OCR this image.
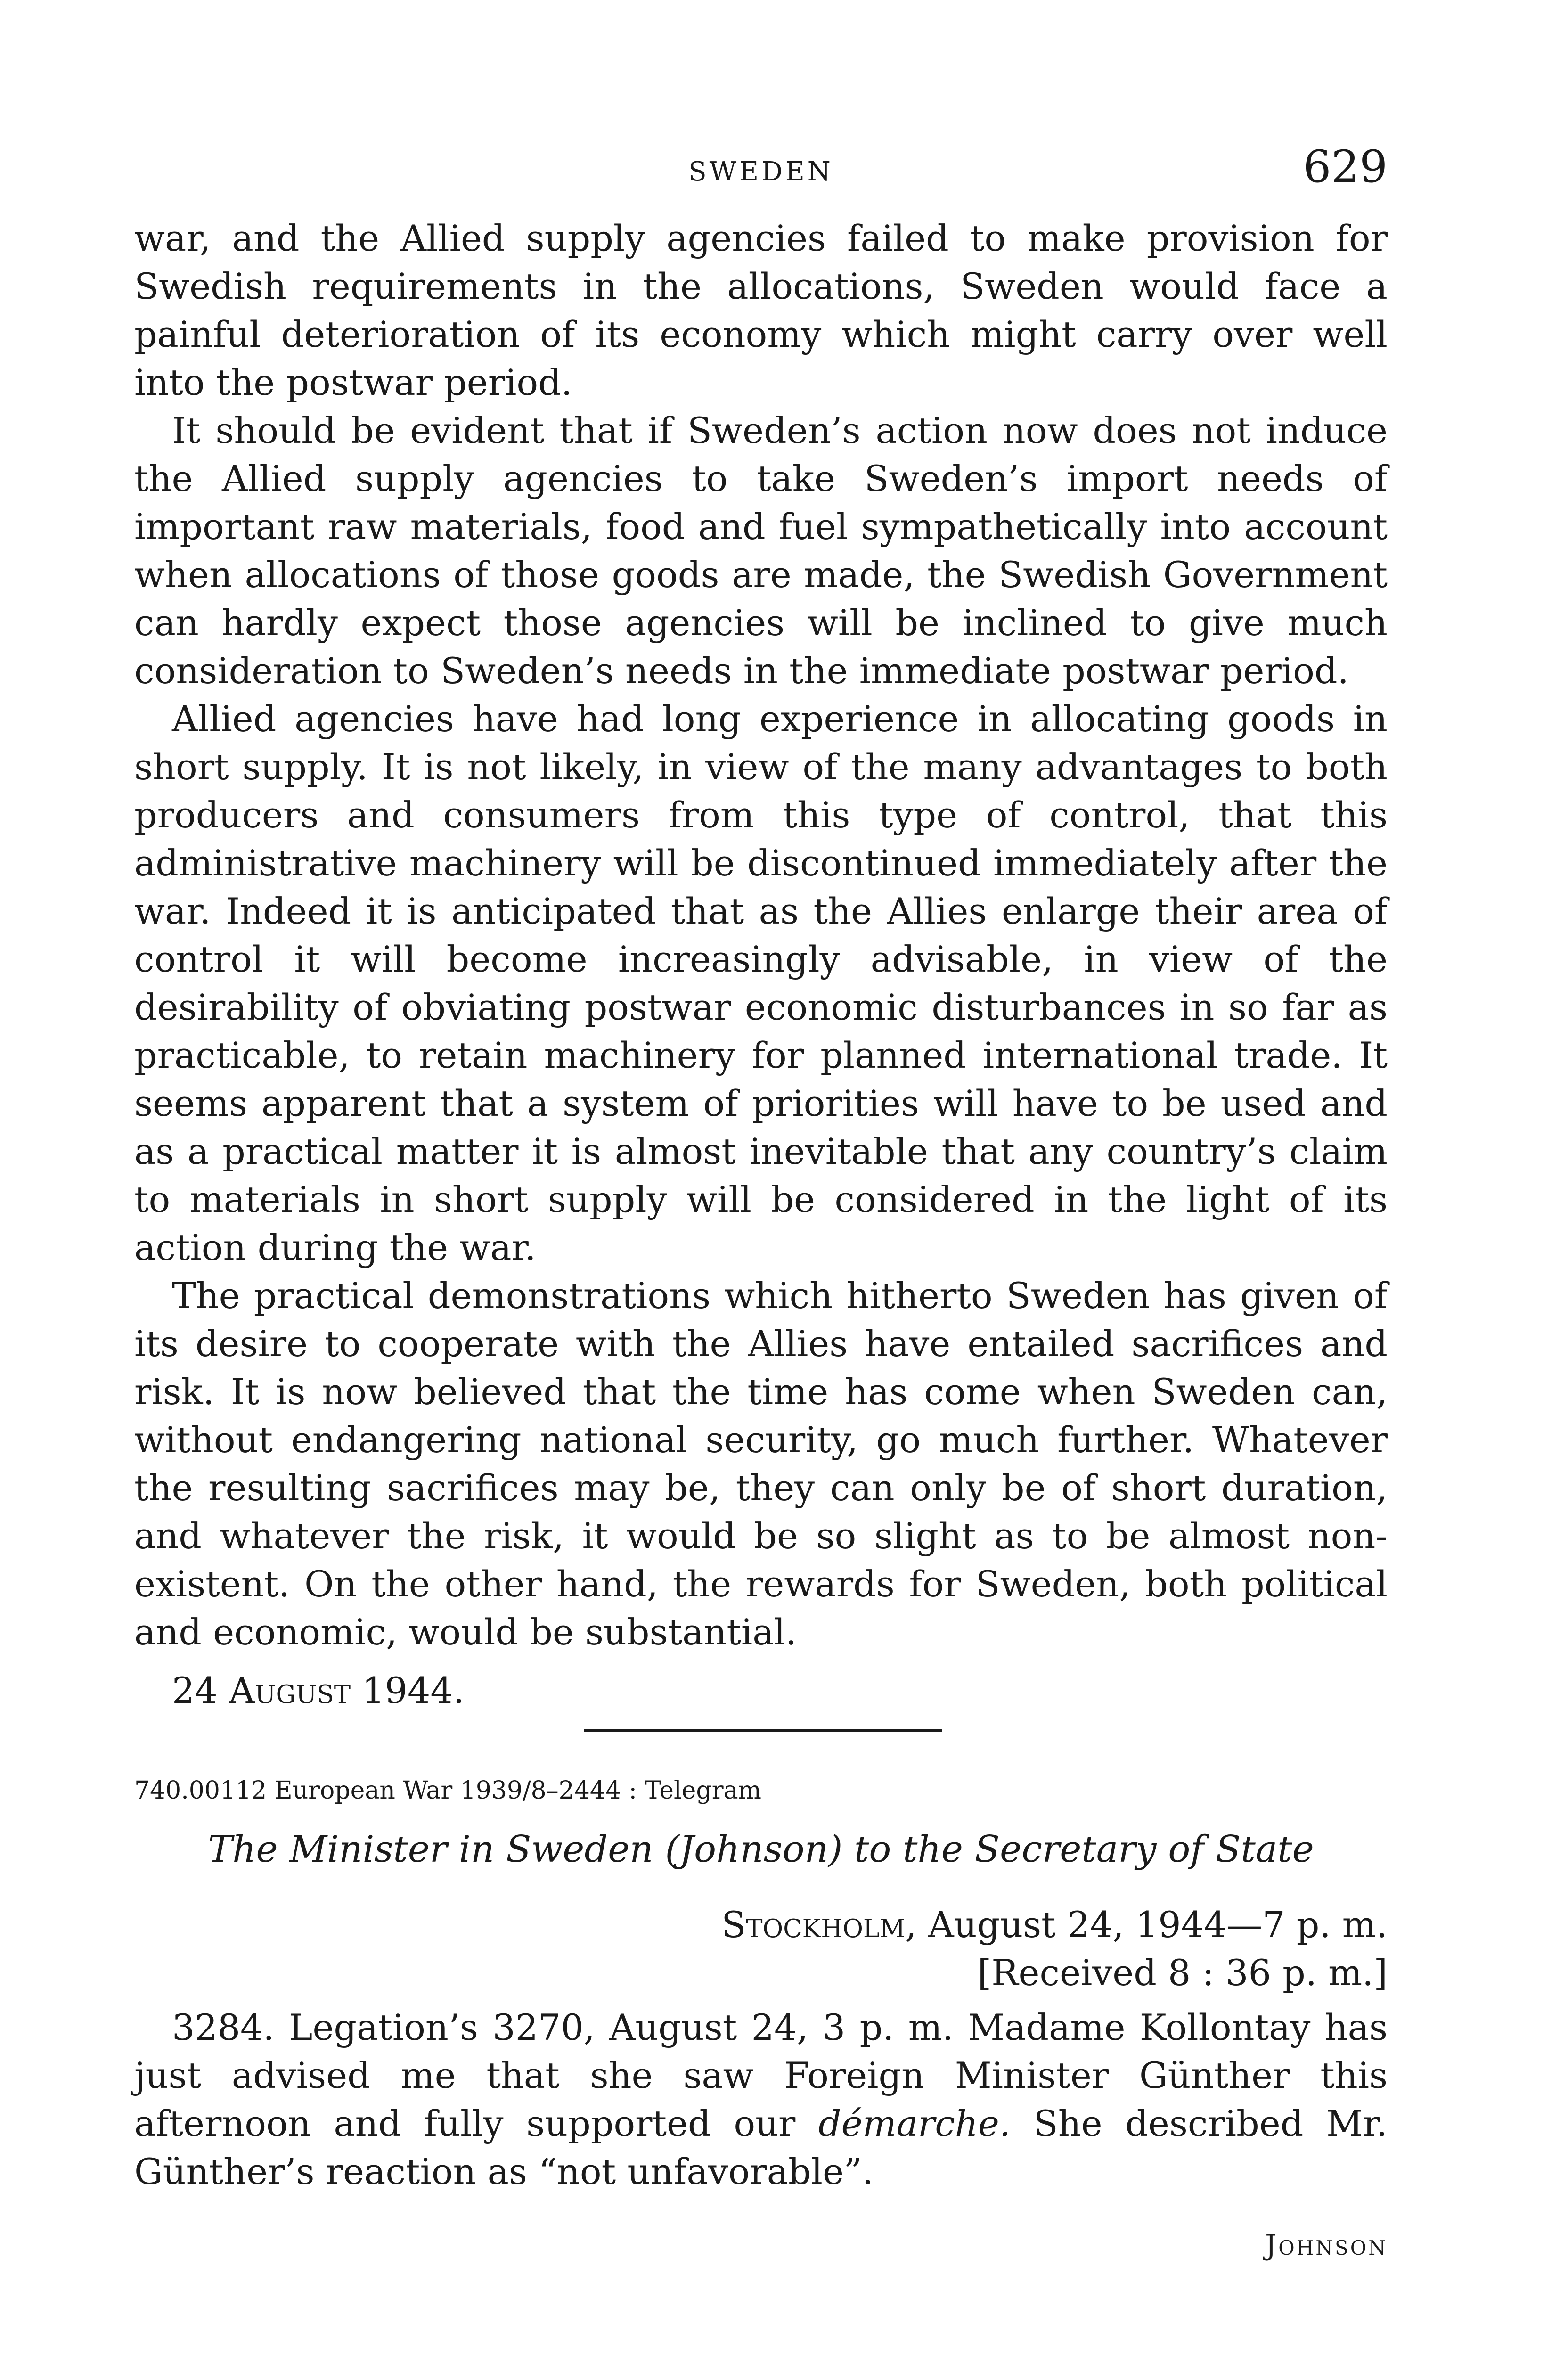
SWEDEN	629

war, and the Allied supply agencies failed to make provision for Swedish requirements in the allocations, Sweden would face a painful deterioration of its economy which might carry over well into the postwar period.

It should be evident that if Sweden’s action now does not induce the Allied supply agencies to take Sweden’s import needs of important raw materials, food and fuel sympathetically into account when allocations of those goods are made, the Swedish Government can hardly expect those agencies will be inclined to give much consideration to Sweden’s needs in the immediate postwar period.

Allied agencies have had long experience in allocating goods in short supply. It is not likely, in view of the many advantages to both producers and consumers from this type of control, that this administrative machinery will be discontinued immediately after the war. Indeed it is anticipated that as the Allies enlarge their area of control it will become increasingly advisable, in view of the desirability of obviating postwar economic disturbances in so far as practicable, to retain machinery for planned international trade. It seems apparent that a system of priorities will have to be used and as a practical matter it is almost inevitable that any country’s claim to materials in short supply will be considered in the light of its action during the war.

The practical demonstrations which hitherto Sweden has given of its desire to cooperate with the Allies have entailed sacrifices and risk. It is now believed that the time has come when Sweden can, without endangering national security, go much further. Whatever the resulting sacrifices may be, they can only be of short duration, and whatever the risk, it would be so slight as to be almost non-existent. On the other hand, the rewards for Sweden, both political and economic, would be substantial.

24 August 1944.

740.00112 European War 1939/8–2444 : Telegram

The Minister in Sweden (Johnson) to the Secretary of State

Stockholm, August 24, 1944—7 p. m.

[Received 8 : 36 p. m.]

3284. Legation’s 3270, August 24, 3 p. m. Madame Kollontay has just advised me that she saw Foreign Minister Günther this afternoon and fully supported our démarche. She described Mr. Günther’s reaction as “not unfavorable”.

Johnson
